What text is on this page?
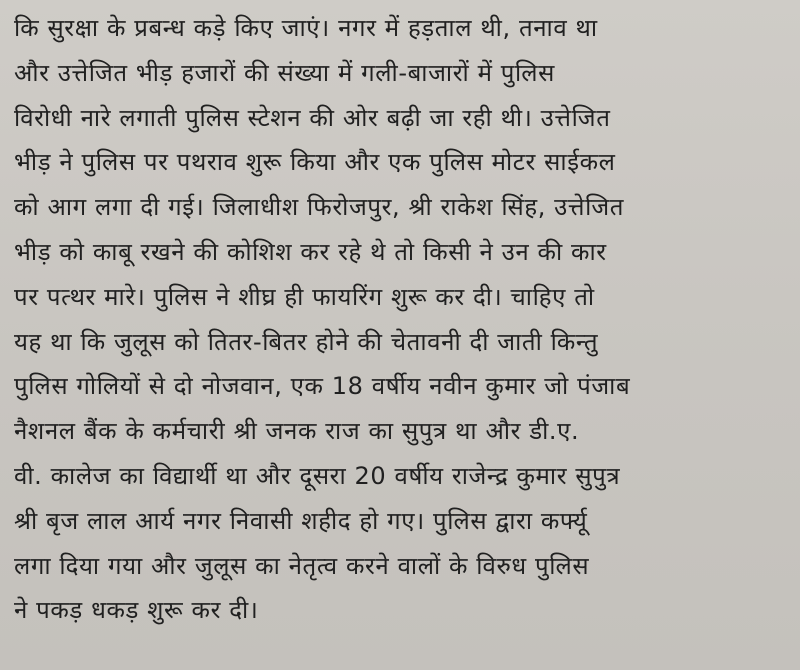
कि सुरक्षा के प्रबन्ध कड़े किए जाएं। नगर में हड़ताल थी, तनाव था
और उत्तेजित भीड़ हजारों की संख्या में गली-बाजारों में पुलिस
विरोधी नारे लगाती पुलिस स्टेशन की ओर बढ़ी जा रही थी। उत्तेजित
भीड़ ने पुलिस पर पथराव शुरू किया और एक पुलिस मोटर साईकल
को आग लगा दी गई। जिलाधीश फिरोजपुर, श्री राकेश सिंह, उत्तेजित
भीड़ को काबू रखने की कोशिश कर रहे थे तो किसी ने उन की कार
पर पत्थर मारे। पुलिस ने शीघ्र ही फायरिंग शुरू कर दी। चाहिए तो
यह था कि जुलूस को तितर-बितर होने की चेतावनी दी जाती किन्तु
पुलिस गोलियों से दो नोजवान, एक 18 वर्षीय नवीन कुमार जो पंजाब
नैशनल बैंक के कर्मचारी श्री जनक राज का सुपुत्र था और डी.ए.
वी. कालेज का विद्यार्थी था और दूसरा 20 वर्षीय राजेन्द्र कुमार सुपुत्र
श्री बृज लाल आर्य नगर निवासी शहीद हो गए। पुलिस द्वारा कर्फ्यू
लगा दिया गया और जुलूस का नेतृत्व करने वालों के विरुध पुलिस
ने पकड़ धकड़ शुरू कर दी।
